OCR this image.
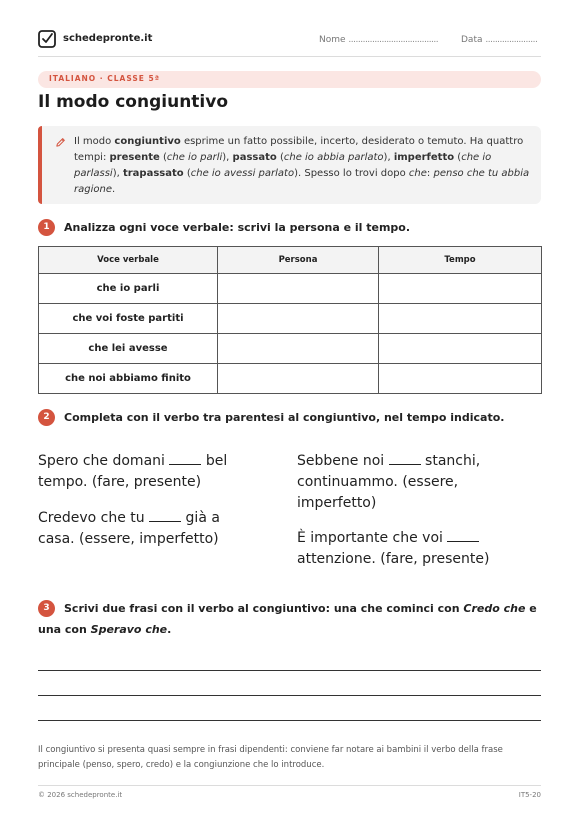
schedepronte.it	Nome ......................................	Data ......................
ITALIANO · CLASSE 5ª
Il modo congiuntivo
Il modo congiuntivo esprime un fatto possibile, incerto, desiderato o temuto. Ha quattro tempi: presente (che io parli), passato (che io abbia parlato), imperfetto (che io parlassi), trapassato (che io avessi parlato). Spesso lo trovi dopo che: penso che tu abbia ragione.
1	Analizza ogni voce verbale: scrivi la persona e il tempo.
Voce verbale	Persona	Tempo
che io parli		
che voi foste partiti		
che lei avesse		
che noi abbiamo finito		
2	Completa con il verbo tra parentesi al congiuntivo, nel tempo indicato.
Spero che domani  bel tempo. (fare, presente)
Credevo che tu  già a casa. (essere, imperfetto)
Sebbene noi  stanchi, continuammo. (essere, imperfetto)
È importante che voi  attenzione. (fare, presente)
3	Scrivi due frasi con il verbo al congiuntivo: una che cominci con Credo che e una con Speravo che.
Il congiuntivo si presenta quasi sempre in frasi dipendenti: conviene far notare ai bambini il verbo della frase principale (penso, spero, credo) e la congiunzione che lo introduce.
© 2026 schedepronte.it	IT5-20
